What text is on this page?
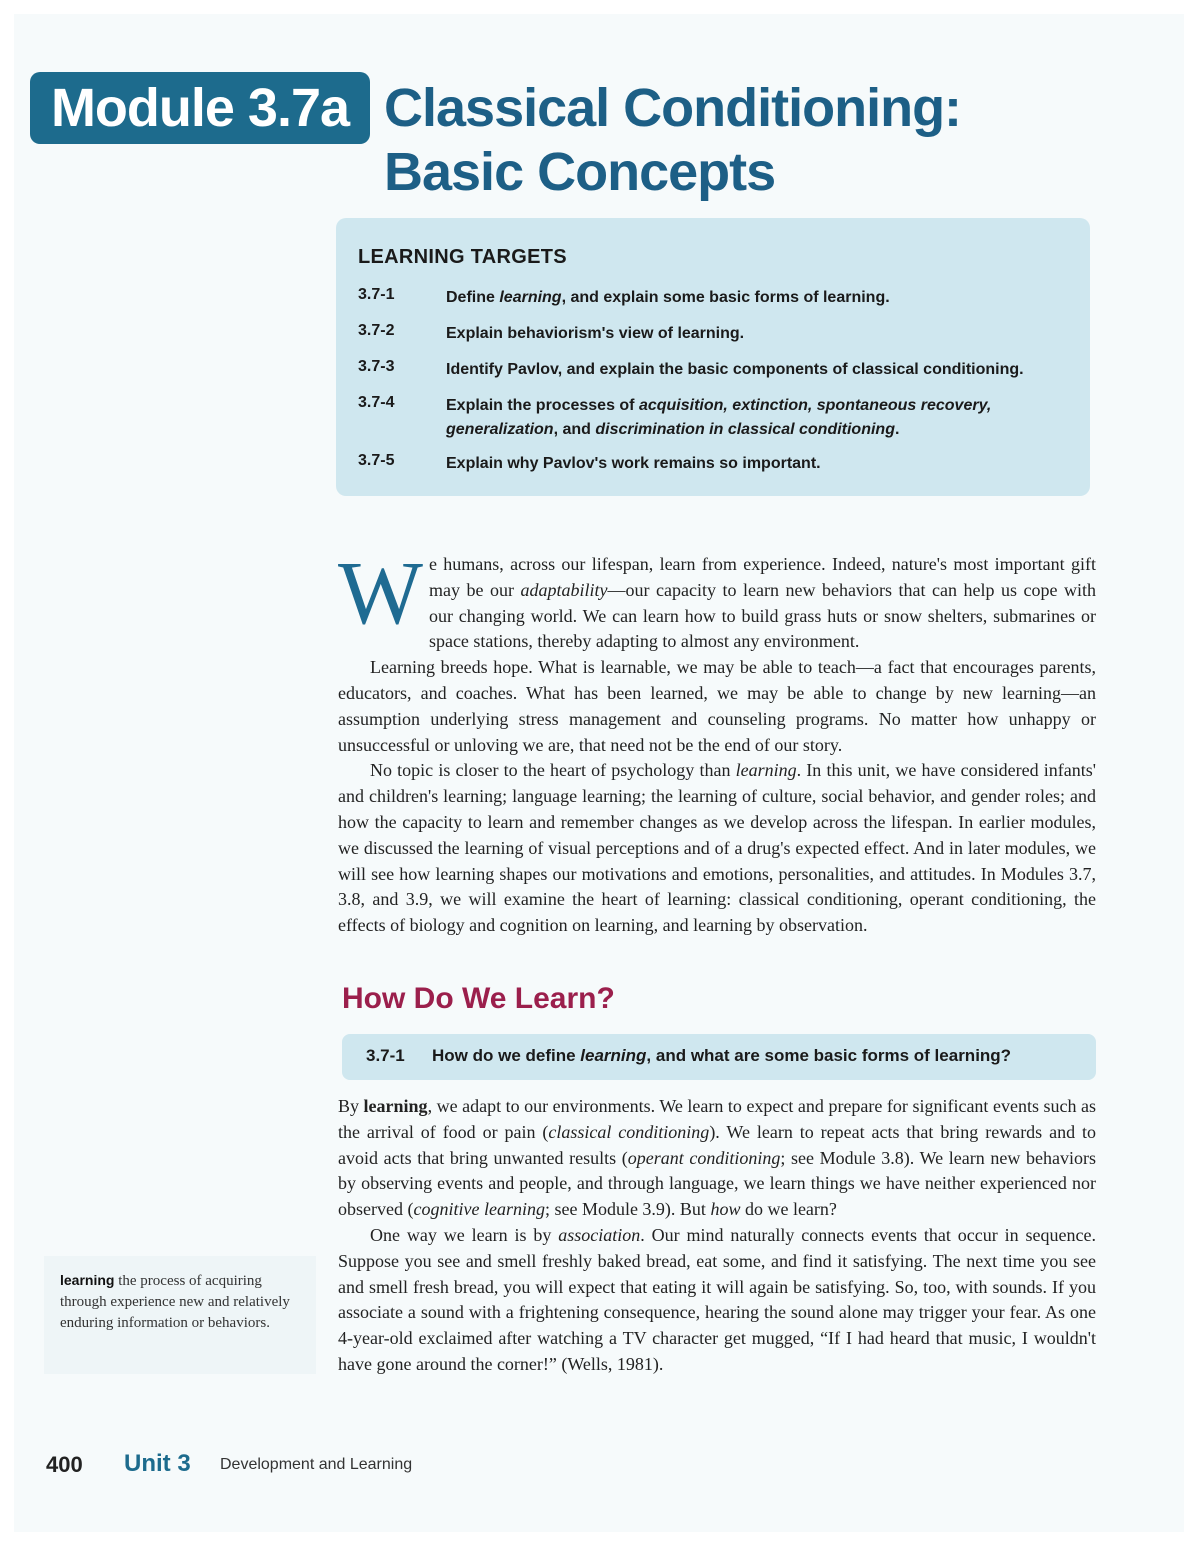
Module 3.7a Classical Conditioning:
Basic Concepts
LEARNING TARGETS
3.7-1	Define learning, and explain some basic forms of learning.
3.7-2	Explain behaviorism's view of learning.
3.7-3	Identify Pavlov, and explain the basic components of classical conditioning.
3.7-4	Explain the processes of acquisition, extinction, spontaneous recovery, generalization, and discrimination in classical conditioning.
3.7-5	Explain why Pavlov's work remains so important.

We humans, across our lifespan, learn from experience. Indeed, nature's most important gift may be our adaptability—our capacity to learn new behaviors that can help us cope with our changing world. We can learn how to build grass huts or snow shelters, submarines or space stations, thereby adapting to almost any environment.

Learning breeds hope. What is learnable, we may be able to teach—a fact that encourages parents, educators, and coaches. What has been learned, we may be able to change by new learning—an assumption underlying stress management and counseling programs. No matter how unhappy or unsuccessful or unloving we are, that need not be the end of our story.

No topic is closer to the heart of psychology than learning. In this unit, we have considered infants' and children's learning; language learning; the learning of culture, social behavior, and gender roles; and how the capacity to learn and remember changes as we develop across the lifespan. In earlier modules, we discussed the learning of visual perceptions and of a drug's expected effect. And in later modules, we will see how learning shapes our motivations and emotions, personalities, and attitudes. In Modules 3.7, 3.8, and 3.9, we will examine the heart of learning: classical conditioning, operant conditioning, the effects of biology and cognition on learning, and learning by observation.

How Do We Learn?
3.7-1 How do we define learning, and what are some basic forms of learning?

By learning, we adapt to our environments. We learn to expect and prepare for significant events such as the arrival of food or pain (classical conditioning). We learn to repeat acts that bring rewards and to avoid acts that bring unwanted results (operant conditioning; see Module 3.8). We learn new behaviors by observing events and people, and through language, we learn things we have neither experienced nor observed (cognitive learning; see Module 3.9). But how do we learn?

One way we learn is by association. Our mind naturally connects events that occur in sequence. Suppose you see and smell freshly baked bread, eat some, and find it satisfying. The next time you see and smell fresh bread, you will expect that eating it will again be satisfying. So, too, with sounds. If you associate a sound with a frightening consequence, hearing the sound alone may trigger your fear. As one 4-year-old exclaimed after watching a TV character get mugged, “If I had heard that music, I wouldn't have gone around the corner!” (Wells, 1981).

learning the process of acquiring through experience new and relatively enduring information or behaviors.
400 Unit 3 Development and Learning
